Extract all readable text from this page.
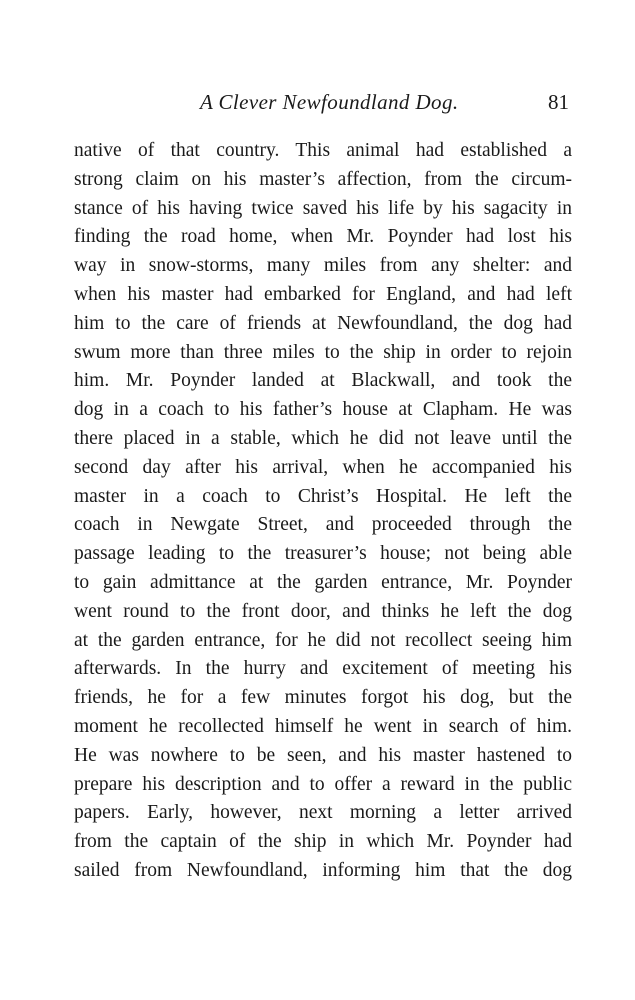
A Clever Newfoundland Dog.	81
native of that country. This animal had established a
strong claim on his master’s affection, from the circum-
stance of his having twice saved his life by his sagacity in
finding the road home, when Mr. Poynder had lost his
way in snow-storms, many miles from any shelter: and
when his master had embarked for England, and had left
him to the care of friends at Newfoundland, the dog had
swum more than three miles to the ship in order to rejoin
him. Mr. Poynder landed at Blackwall, and took the
dog in a coach to his father’s house at Clapham. He was
there placed in a stable, which he did not leave until the
second day after his arrival, when he accompanied his
master in a coach to Christ’s Hospital. He left the
coach in Newgate Street, and proceeded through the
passage leading to the treasurer’s house; not being able
to gain admittance at the garden entrance, Mr. Poynder
went round to the front door, and thinks he left the dog
at the garden entrance, for he did not recollect seeing him
afterwards. In the hurry and excitement of meeting his
friends, he for a few minutes forgot his dog, but the
moment he recollected himself he went in search of him.
He was nowhere to be seen, and his master hastened to
prepare his description and to offer a reward in the public
papers. Early, however, next morning a letter arrived
from the captain of the ship in which Mr. Poynder had
sailed from Newfoundland, informing him that the dog
